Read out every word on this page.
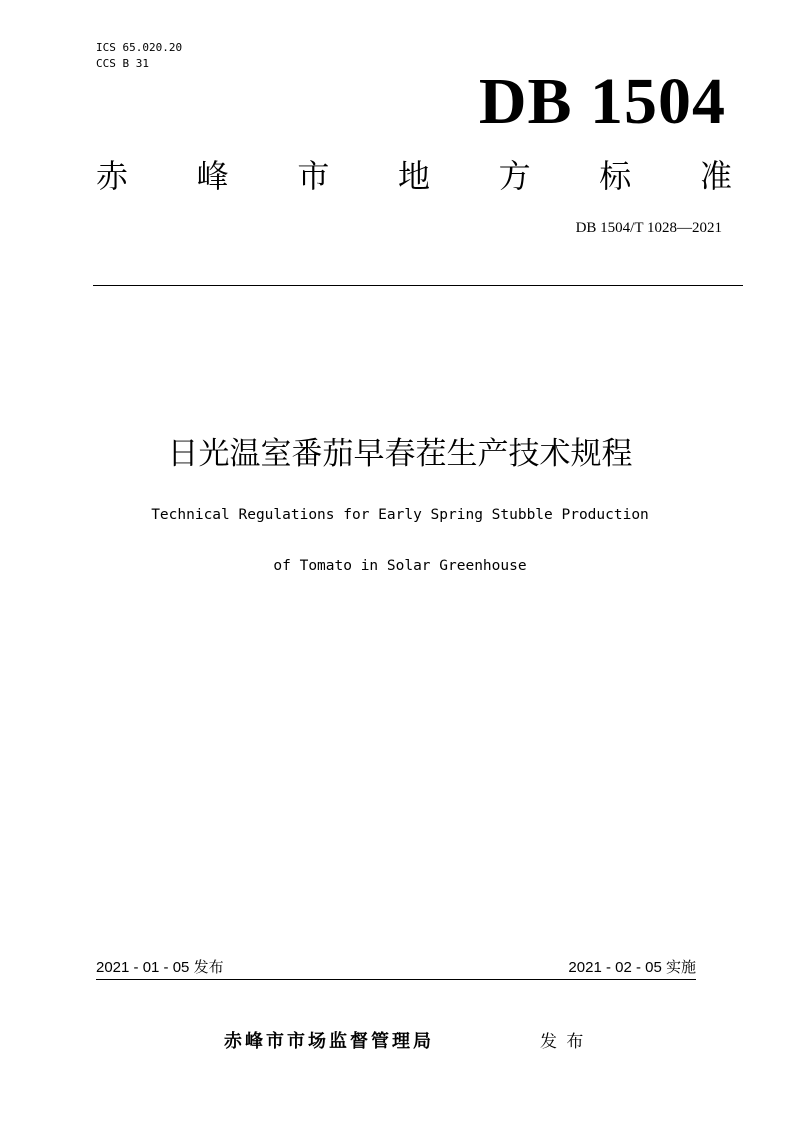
ICS 65.020.20
CCS B 31
DB 1504
赤 峰 市 地 方 标 准
DB 1504/T 1028—2021
日光温室番茄早春茬生产技术规程
Technical Regulations for Early Spring Stubble Production
of Tomato in Solar Greenhouse
2021 - 01 - 05 发布	2021 - 02 - 05 实施
赤峰市市场监督管理局	发 布
